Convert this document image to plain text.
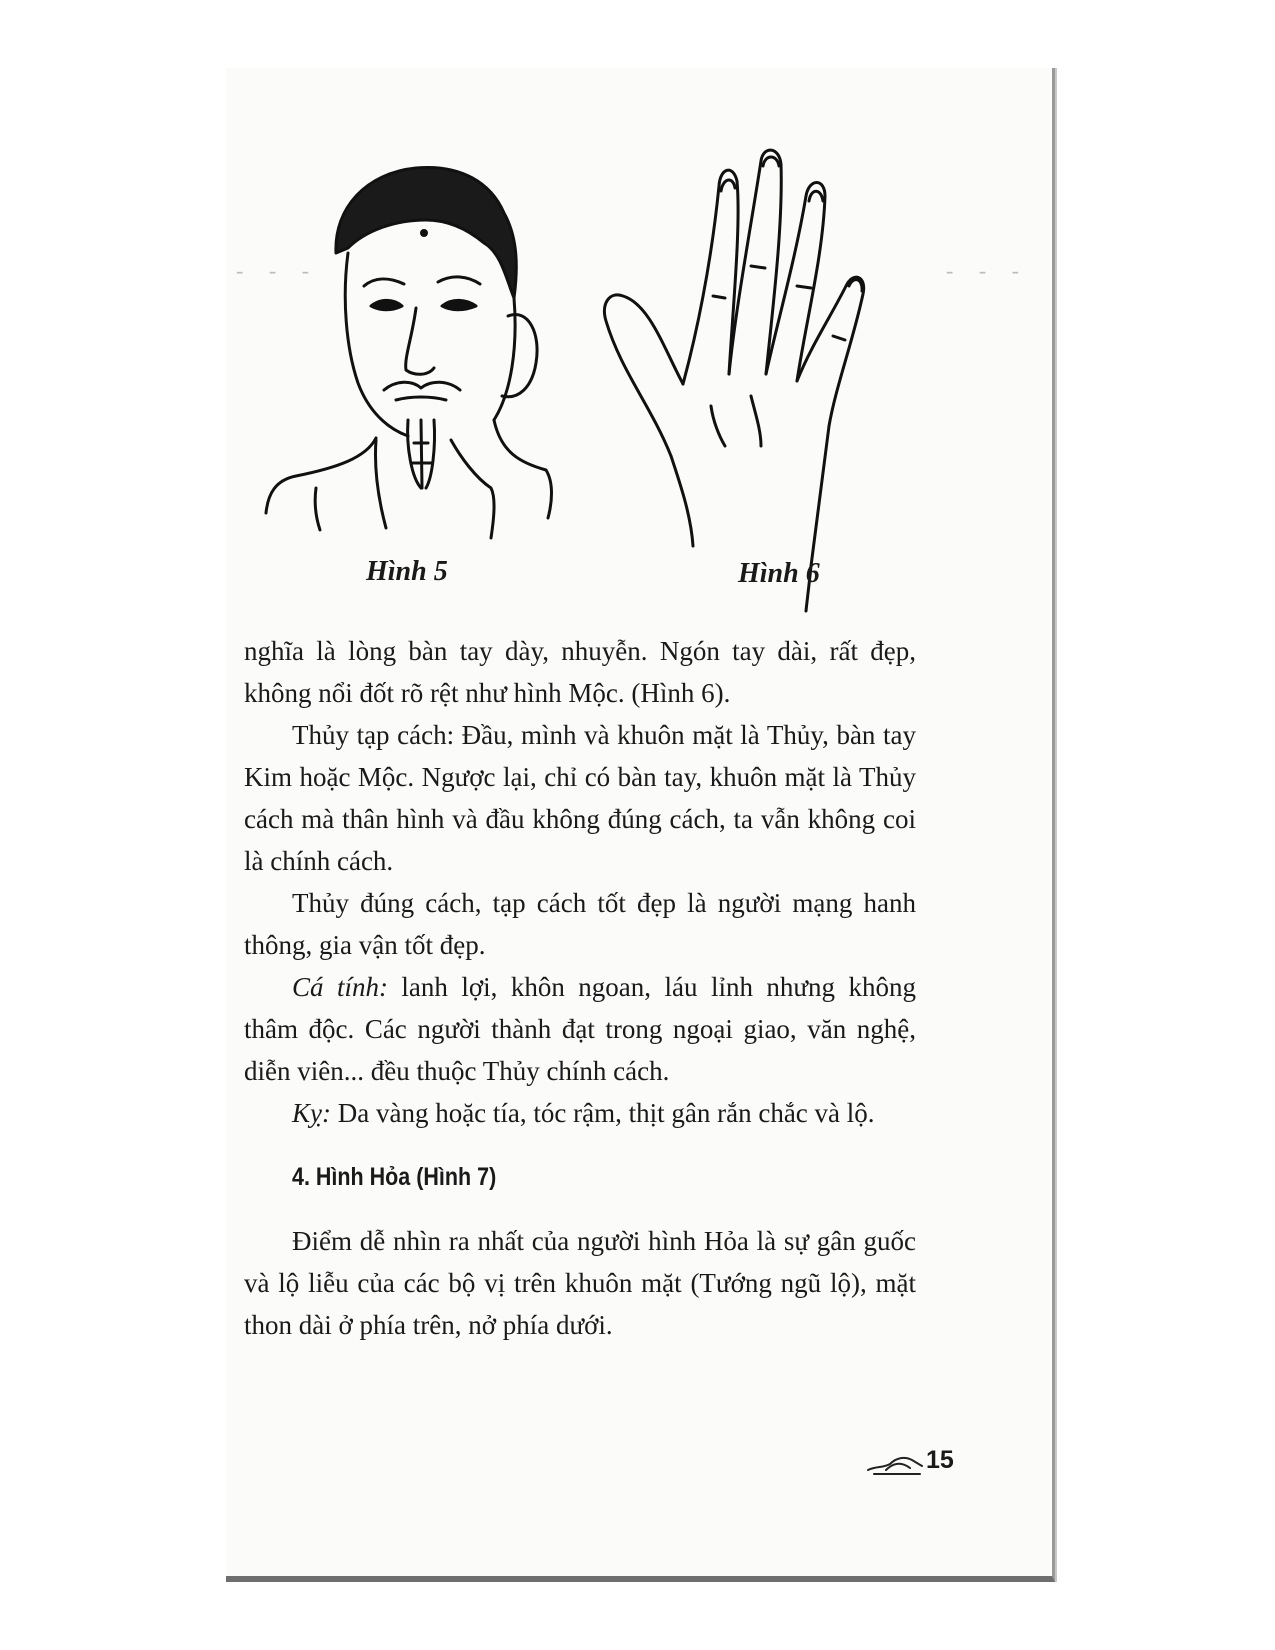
- - -	- - -
Hình 5	Hình 6

nghĩa là lòng bàn tay dày, nhuyễn. Ngón tay dài, rất đẹp, không nổi đốt rõ rệt như hình Mộc. (Hình 6).

Thủy tạp cách: Đầu, mình và khuôn mặt là Thủy, bàn tay Kim hoặc Mộc. Ngược lại, chỉ có bàn tay, khuôn mặt là Thủy cách mà thân hình và đầu không đúng cách, ta vẫn không coi là chính cách.

Thủy đúng cách, tạp cách tốt đẹp là người mạng hanh thông, gia vận tốt đẹp.

Cá tính: lanh lợi, khôn ngoan, láu lỉnh nhưng không thâm độc. Các người thành đạt trong ngoại giao, văn nghệ, diễn viên... đều thuộc Thủy chính cách.

Kỵ: Da vàng hoặc tía, tóc rậm, thịt gân rắn chắc và lộ.

4. Hình Hỏa (Hình 7)

Điểm dễ nhìn ra nhất của người hình Hỏa là sự gân guốc và lộ liễu của các bộ vị trên khuôn mặt (Tướng ngũ lộ), mặt thon dài ở phía trên, nở phía dưới.

15
